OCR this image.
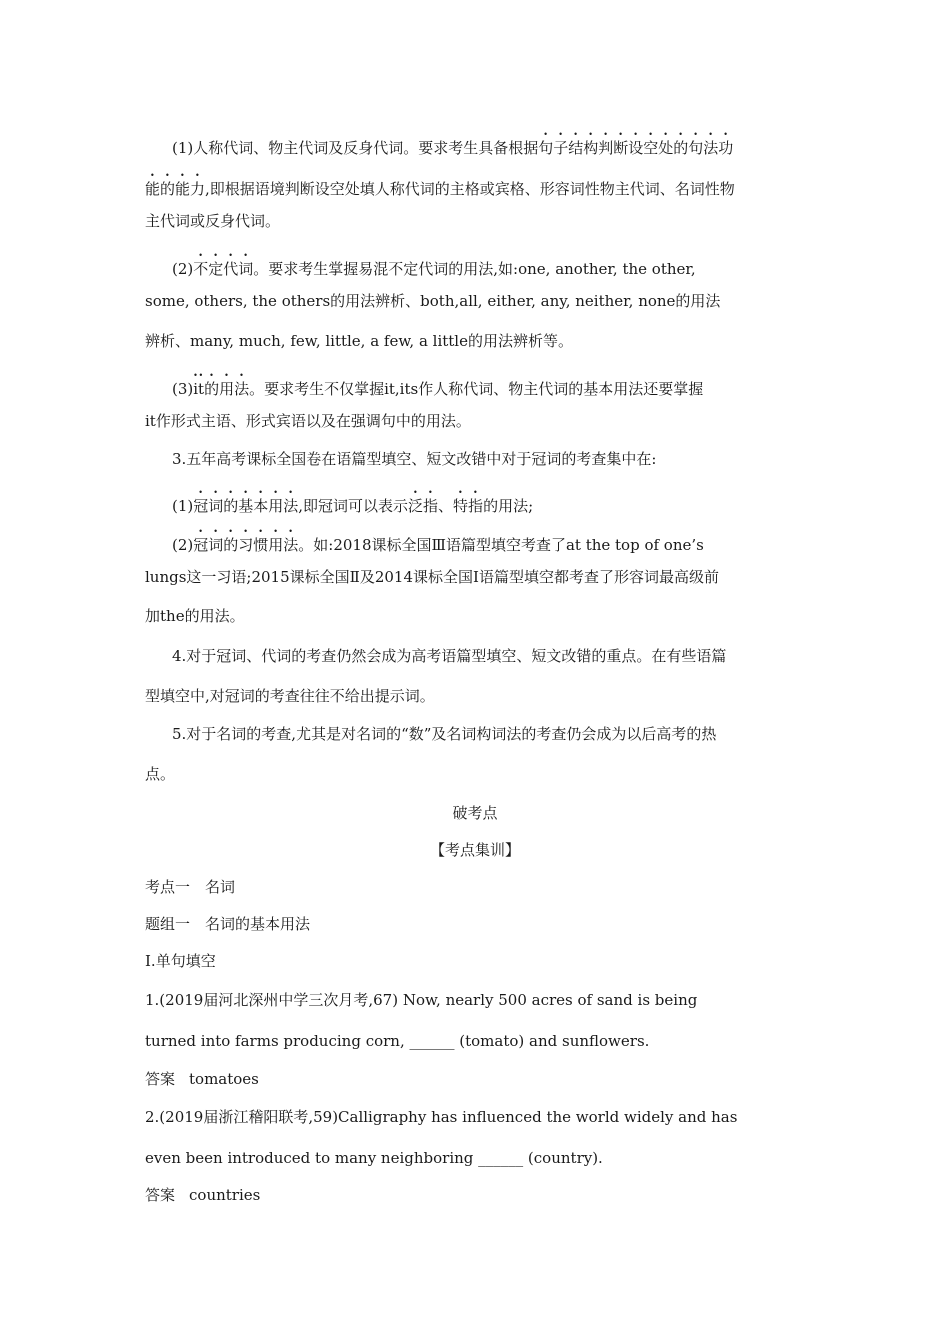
(1)人称代词、物主代词及反身代词。要求考生具备根据句子结构判断设空处的句法功
能的能力,即根据语境判断设空处填人称代词的主格或宾格、形容词性物主代词、名词性物
主代词或反身代词。
(2)不定代词。要求考生掌握易混不定代词的用法,如:one, another, the other,
some, others, the others的用法辨析、both,all, either, any, neither, none的用法
辨析、many, much, few, little, a few, a little的用法辨析等。
(3)it的用法。要求考生不仅掌握it,its作人称代词、物主代词的基本用法还要掌握
it作形式主语、形式宾语以及在强调句中的用法。
3.五年高考课标全国卷在语篇型填空、短文改错中对于冠词的考查集中在:
(1)冠词的基本用法,即冠词可以表示泛指、特指的用法;
(2)冠词的习惯用法。如:2018课标全国Ⅲ语篇型填空考查了at the top of one’s
lungs这一习语;2015课标全国Ⅱ及2014课标全国Ⅰ语篇型填空都考查了形容词最高级前
加the的用法。
4.对于冠词、代词的考查仍然会成为高考语篇型填空、短文改错的重点。在有些语篇
型填空中,对冠词的考查往往不给出提示词。
5.对于名词的考查,尤其是对名词的“数”及名词构词法的考查仍会成为以后高考的热
点。
破考点
【考点集训】
考点一　名词
题组一　名词的基本用法
Ⅰ.单句填空
1.(2019届河北深州中学三次月考,67) Now, nearly 500 acres of sand is being
turned into farms producing corn, ______ (tomato) and sunflowers.
答案 tomatoes
2.(2019届浙江稽阳联考,59)Calligraphy has influenced the world widely and has
even been introduced to many neighboring ______ (country).
答案 countries
